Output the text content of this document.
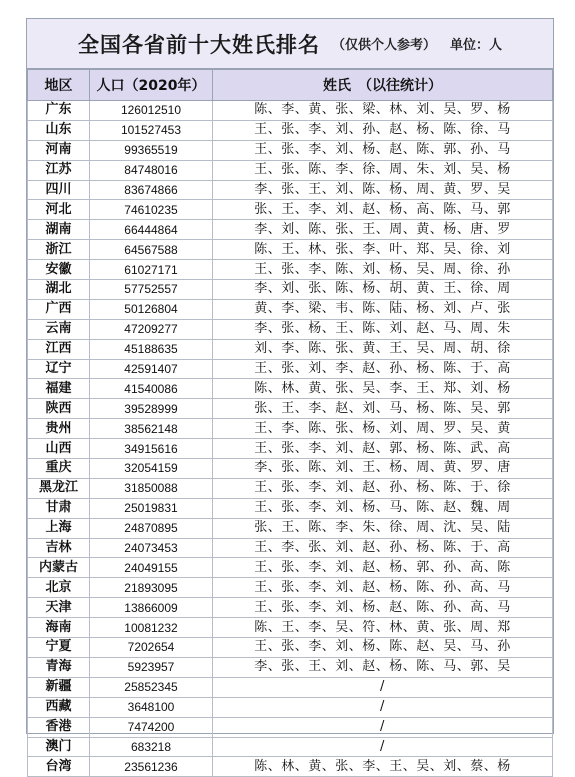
全国各省前十大姓氏排名 （仅供个人参考） 单位：人
地区	人口（2020年）	姓氏　（以往统计）
广东	126012510	陈、李、黄、张、梁、林、刘、吴、罗、杨
山东	101527453	王、张、李、刘、孙、赵、杨、陈、徐、马
河南	99365519	王、张、李、刘、杨、赵、陈、郭、孙、马
江苏	84748016	王、张、陈、李、徐、周、朱、刘、吴、杨
四川	83674866	李、张、王、刘、陈、杨、周、黄、罗、吴
河北	74610235	张、王、李、刘、赵、杨、高、陈、马、郭
湖南	66444864	李、刘、陈、张、王、周、黄、杨、唐、罗
浙江	64567588	陈、王、林、张、李、叶、郑、吴、徐、刘
安徽	61027171	王、张、李、陈、刘、杨、吴、周、徐、孙
湖北	57752557	李、刘、张、陈、杨、胡、黄、王、徐、周
广西	50126804	黄、李、梁、韦、陈、陆、杨、刘、卢、张
云南	47209277	李、张、杨、王、陈、刘、赵、马、周、朱
江西	45188635	刘、李、陈、张、黄、王、吴、周、胡、徐
辽宁	42591407	王、张、刘、李、赵、孙、杨、陈、于、高
福建	41540086	陈、林、黄、张、吴、李、王、郑、刘、杨
陕西	39528999	张、王、李、赵、刘、马、杨、陈、吴、郭
贵州	38562148	王、李、陈、张、杨、刘、周、罗、吴、黄
山西	34915616	王、张、李、刘、赵、郭、杨、陈、武、高
重庆	32054159	李、张、陈、刘、王、杨、周、黄、罗、唐
黑龙江	31850088	王、张、李、刘、赵、孙、杨、陈、于、徐
甘肃	25019831	王、张、李、刘、杨、马、陈、赵、魏、周
上海	24870895	张、王、陈、李、朱、徐、周、沈、吴、陆
吉林	24073453	王、李、张、刘、赵、孙、杨、陈、于、高
内蒙古	24049155	王、张、李、刘、赵、杨、郭、孙、高、陈
北京	21893095	王、张、李、刘、赵、杨、陈、孙、高、马
天津	13866009	王、张、李、刘、杨、赵、陈、孙、高、马
海南	10081232	陈、王、李、吴、符、林、黄、张、周、郑
宁夏	7202654	王、张、李、刘、杨、陈、赵、吴、马、孙
青海	5923957	李、张、王、刘、赵、杨、陈、马、郭、吴
新疆	25852345	/
西藏	3648100	/
香港	7474200	/
澳门	683218	/
台湾	23561236	陈、林、黄、张、李、王、吴、刘、蔡、杨
